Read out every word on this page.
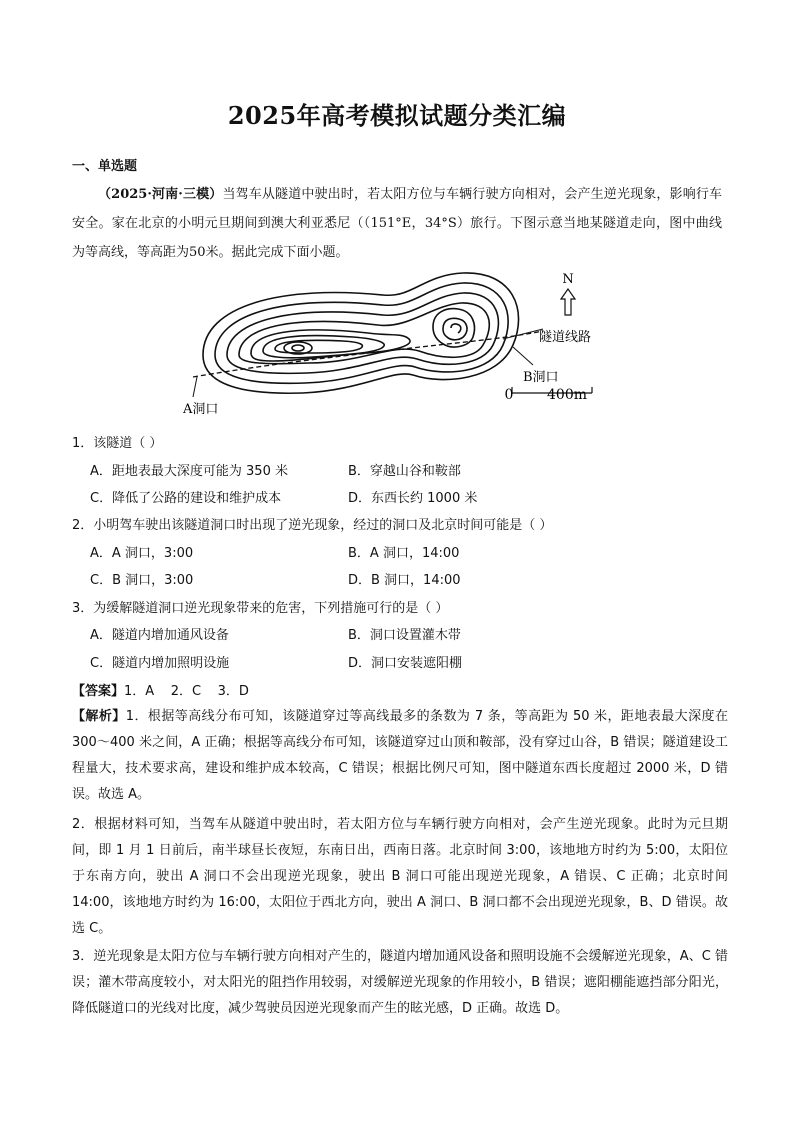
2025年高考模拟试题分类汇编
一、单选题
（2025·河南·三模）当驾车从隧道中驶出时，若太阳方位与车辆行驶方向相对，会产生逆光现象，影响行车安全。家在北京的小明元旦期间到澳大利亚悉尼（（151°E，34°S）旅行。下图示意当地某隧道走向，图中曲线为等高线，等高距为50米。据此完成下面小题。
N
隧道线路
B洞口
A洞口
0 400m
1．该隧道（ ）
A．距地表最大深度可能为 350 米	B．穿越山谷和鞍部
C．降低了公路的建设和维护成本	D．东西长约 1000 米
2．小明驾车驶出该隧道洞口时出现了逆光现象，经过的洞口及北京时间可能是（ ）
A．A 洞口，3:00	B．A 洞口，14:00
C．B 洞口，3:00	D．B 洞口，14:00
3．为缓解隧道洞口逆光现象带来的危害，下列措施可行的是（ ）
A．隧道内增加通风设备	B．洞口设置灌木带
C．隧道内增加照明设施	D．洞口安装遮阳棚
【答案】1．A    2．C    3．D
【解析】1．根据等高线分布可知，该隧道穿过等高线最多的条数为 7 条，等高距为 50 米，距地表最大深度在 300～400 米之间，A 正确；根据等高线分布可知，该隧道穿过山顶和鞍部，没有穿过山谷，B 错误；隧道建设工程量大，技术要求高，建设和维护成本较高，C 错误；根据比例尺可知，图中隧道东西长度超过 2000 米，D 错误。故选 A。
2．根据材料可知，当驾车从隧道中驶出时，若太阳方位与车辆行驶方向相对，会产生逆光现象。此时为元旦期间，即 1 月 1 日前后，南半球昼长夜短，东南日出，西南日落。北京时间 3:00，该地地方时约为 5:00，太阳位于东南方向，驶出 A 洞口不会出现逆光现象，驶出 B 洞口可能出现逆光现象，A 错误、C 正确；北京时间 14:00，该地地方时约为 16:00，太阳位于西北方向，驶出 A 洞口、B 洞口都不会出现逆光现象，B、D 错误。故选 C。
3．逆光现象是太阳方位与车辆行驶方向相对产生的，隧道内增加通风设备和照明设施不会缓解逆光现象，A、C 错误；灌木带高度较小，对太阳光的阻挡作用较弱，对缓解逆光现象的作用较小，B 错误；遮阳棚能遮挡部分阳光，降低隧道口的光线对比度，减少驾驶员因逆光现象而产生的眩光感，D 正确。故选 D。
